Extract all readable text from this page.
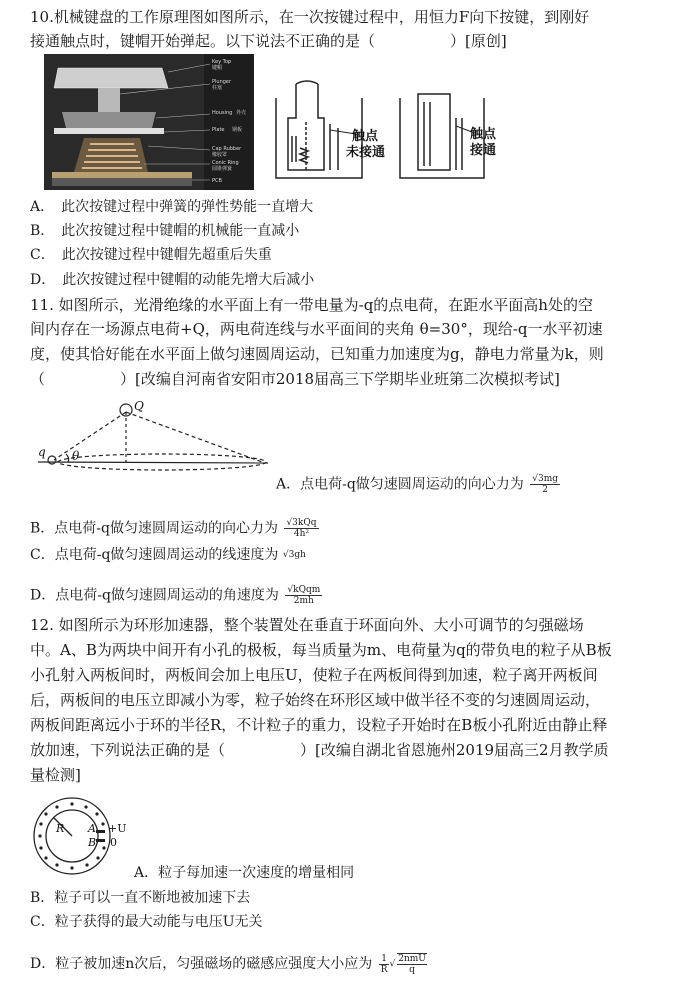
10.机械键盘的工作原理图如图所示，在一次按键过程中，用恒力F向下按键，到刚好
接通触点时，键帽开始弹起。以下说法不正确的是（　　　　　）[原创]
Key Top
键帽
Plunger
柱塞
Housing 外壳
Plate 钢板
Cap Rubber
橡胶罩
Conic Ring
圆锥弹簧
PCB
触点
未接通
触点
接通
A．　此次按键过程中弹簧的弹性势能一直增大
B．　此次按键过程中键帽的机械能一直减小
C．　此次按键过程中键帽先超重后失重
D．　此次按键过程中键帽的动能先增大后减小
11. 如图所示，光滑绝缘的水平面上有一带电量为-q的点电荷，在距水平面高h处的空
间内存在一场源点电荷+Q，两电荷连线与水平面间的夹角 θ=30°，现给-q一水平初速
度，使其恰好能在水平面上做匀速圆周运动，已知重力加速度为g，静电力常量为k，则
（　　　　　）[改编自河南省安阳市2018届高三下学期毕业班第二次模拟考试]
Q
q θ
A．点电荷-q做匀速圆周运动的向心力为 $\frac{√3mg}{2}$
B．点电荷-q做匀速圆周运动的向心力为 $\frac{\text{√3kQq}}{\text{4h²}}$
C．点电荷-q做匀速圆周运动的线速度为 √3gh
D．点电荷-q做匀速圆周运动的角速度为 $\frac{\text{√kQqm}}{2mh}$
12. 如图所示为环形加速器，整个装置处在垂直于环面向外、大小可调节的匀强磁场
中。A、B为两块中间开有小孔的极板，每当质量为m、电荷量为q的带负电的粒子从B板
小孔射入两板间时，两板间会加上电压U，使粒子在两板间得到加速，粒子离开两板间
后，两板间的电压立即减小为零，粒子始终在环形区域中做半径不变的匀速圆周运动，
两板间距离远小于环的半径R，不计粒子的重力，设粒子开始时在B板小孔附近由静止释
放加速，下列说法正确的是（　　　　　）[改编自湖北省恩施州2019届高三2月教学质
量检测]
R A +U
B 0
A．粒子每加速一次速度的增量相同
B．粒子可以一直不断地被加速下去
C．粒子获得的最大动能与电压U无关
D．粒子被加速n次后，匀强磁场的磁感应强度大小应为 $\frac{1}{R}$ √ $\frac{\text{2nmU}}{q}$
